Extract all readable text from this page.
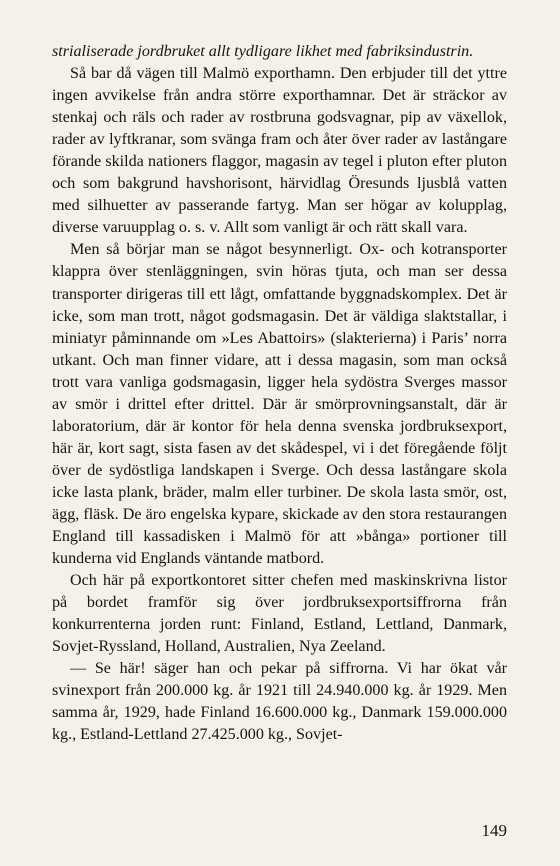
strialiserade jordbruket allt tydligare likhet med fabriksindustrin.

Så bar då vägen till Malmö exporthamn. Den erbjuder till det yttre ingen avvikelse från andra större exporthamnar. Det är sträckor av stenkaj och räls och rader av rostbruna godsvagnar, pip av växellok, rader av lyftkranar, som svänga fram och åter över rader av lastångare förande skilda nationers flaggor, magasin av tegel i pluton efter pluton och som bakgrund havshorisont, härvidlag Öresunds ljusblå vatten med silhuetter av passerande fartyg. Man ser högar av kolupplag, diverse varuupplag o. s. v. Allt som vanligt är och rätt skall vara.

Men så börjar man se något besynnerligt. Ox- och kotransporter klappra över stenläggningen, svin höras tjuta, och man ser dessa transporter dirigeras till ett lågt, omfattande byggnadskomplex. Det är icke, som man trott, något godsmagasin. Det är väldiga slaktstallar, i miniatyr påminnande om »Les Abattoirs» (slakterierna) i Paris’ norra utkant. Och man finner vidare, att i dessa magasin, som man också trott vara vanliga godsmagasin, ligger hela sydöstra Sverges massor av smör i drittel efter drittel. Där är smörprovningsanstalt, där är laboratorium, där är kontor för hela denna svenska jordbruksexport, här är, kort sagt, sista fasen av det skådespel, vi i det föregående följt över de sydöstliga landskapen i Sverge. Och dessa lastångare skola icke lasta plank, bräder, malm eller turbiner. De skola lasta smör, ost, ägg, fläsk. De äro engelska kypare, skickade av den stora restaurangen England till kassadisken i Malmö för att »bånga» portioner till kunderna vid Englands väntande matbord.

Och här på exportkontoret sitter chefen med maskinskrivna listor på bordet framför sig över jordbruksexportsiffrorna från konkurrenterna jorden runt: Finland, Estland, Lettland, Danmark, Sovjet-Ryssland, Holland, Australien, Nya Zeeland.

— Se här! säger han och pekar på siffrorna. Vi har ökat vår svinexport från 200.000 kg. år 1921 till 24.940.000 kg. år 1929. Men samma år, 1929, hade Finland 16.600.000 kg., Danmark 159.000.000 kg., Estland-Lettland 27.425.000 kg., Sovjet-

149
